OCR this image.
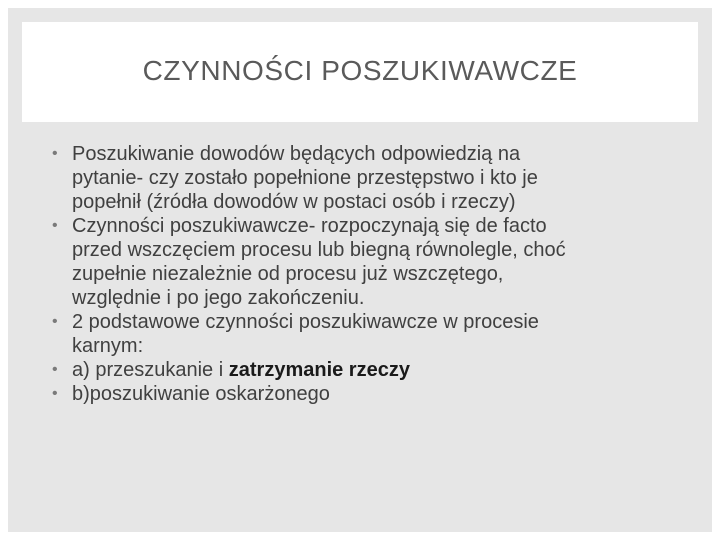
CZYNNOŚCI POSZUKIWAWCZE
• Poszukiwanie dowodów będących odpowiedzią na
pytanie- czy zostało popełnione przestępstwo i kto je
popełnił (źródła dowodów w postaci osób i rzeczy)
• Czynności poszukiwawcze- rozpoczynają się de facto
przed wszczęciem procesu lub biegną równolegle, choć
zupełnie niezależnie od procesu już wszczętego,
względnie i po jego zakończeniu.
• 2 podstawowe czynności poszukiwawcze w procesie
karnym:
• a) przeszukanie i zatrzymanie rzeczy
• b)poszukiwanie oskarżonego
